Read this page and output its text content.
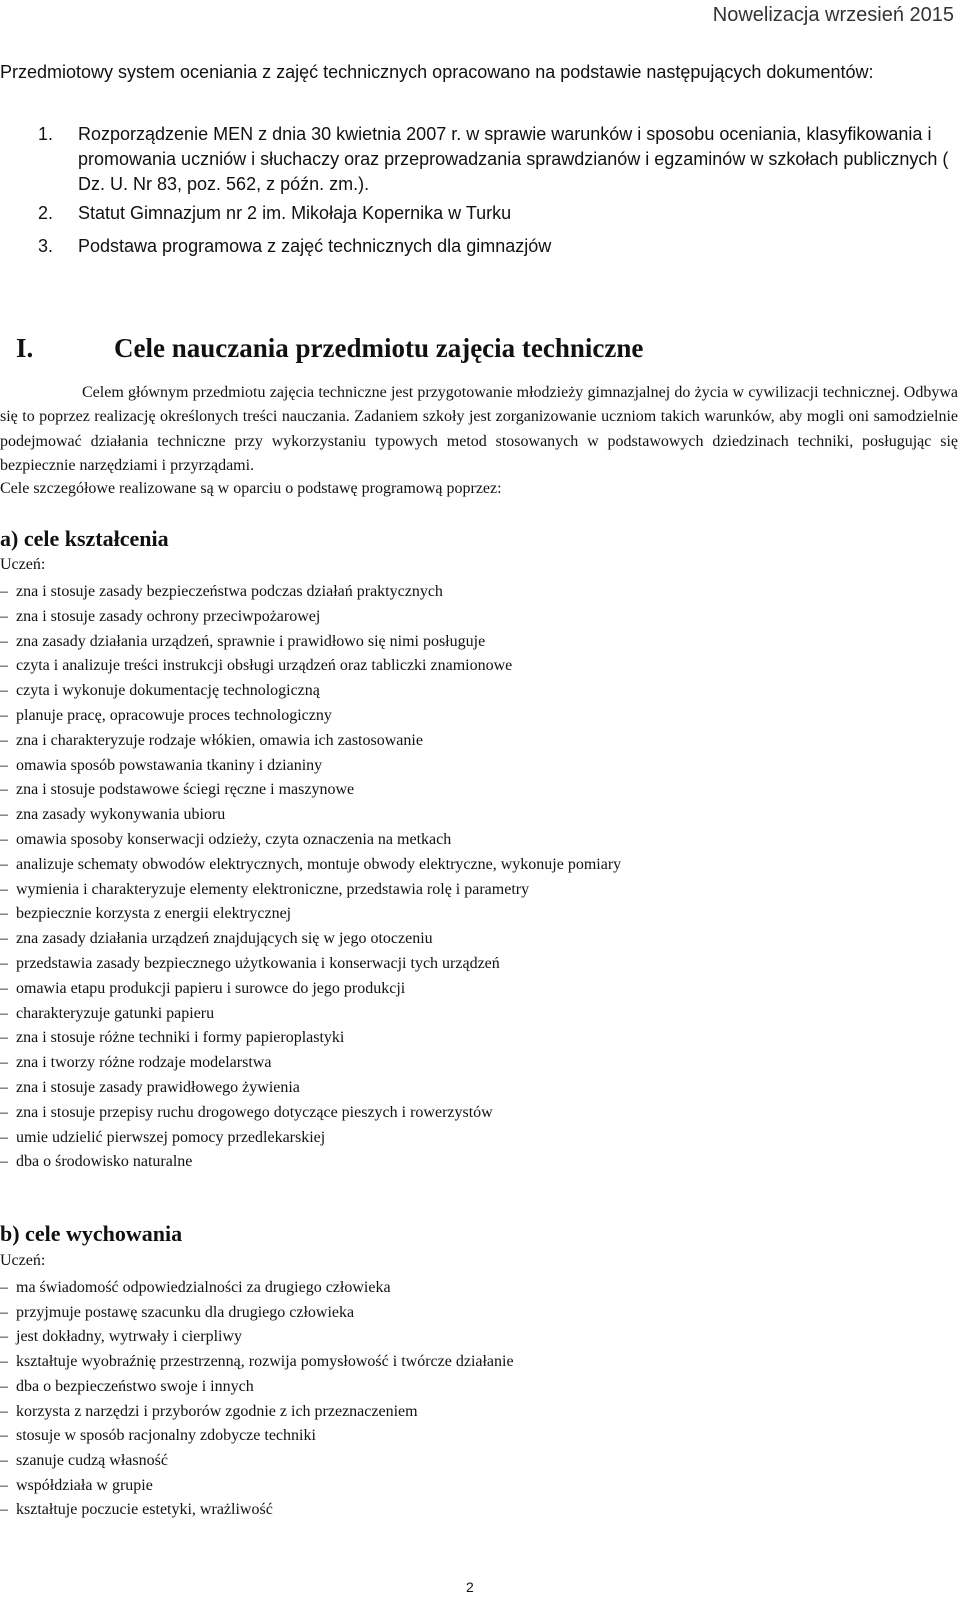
Nowelizacja wrzesień 2015
Przedmiotowy system oceniania z zajęć technicznych opracowano na podstawie następujących dokumentów:
1. Rozporządzenie MEN z dnia 30 kwietnia 2007 r. w sprawie warunków i sposobu oceniania, klasyfikowania i promowania uczniów i słuchaczy oraz przeprowadzania sprawdzianów i egzaminów w szkołach publicznych ( Dz. U. Nr 83, poz. 562, z późn. zm.).
2. Statut Gimnazjum nr 2 im. Mikołaja Kopernika w Turku
3. Podstawa programowa z zajęć technicznych dla gimnazjów
I.	Cele nauczania przedmiotu zajęcia techniczne
Celem głównym przedmiotu zajęcia techniczne jest przygotowanie młodzieży gimnazjalnej do życia w cywilizacji technicznej. Odbywa się to poprzez realizację określonych treści nauczania. Zadaniem szkoły jest zorganizowanie uczniom takich warunków, aby mogli oni samodzielnie podejmować działania techniczne przy wykorzystaniu typowych metod stosowanych w podstawowych dziedzinach techniki, posługując się bezpiecznie narzędziami i przyrządami.
Cele szczegółowe realizowane są w oparciu o podstawę programową poprzez:
a) cele kształcenia
Uczeń:
– zna i stosuje zasady bezpieczeństwa podczas działań praktycznych
– zna i stosuje zasady ochrony przeciwpożarowej
– zna zasady działania urządzeń, sprawnie i prawidłowo się nimi posługuje
– czyta i analizuje treści instrukcji obsługi urządzeń oraz tabliczki znamionowe
– czyta i wykonuje dokumentację technologiczną
– planuje pracę, opracowuje proces technologiczny
– zna i charakteryzuje rodzaje włókien, omawia ich zastosowanie
– omawia sposób powstawania tkaniny i dzianiny
– zna i stosuje podstawowe ściegi ręczne i maszynowe
– zna zasady wykonywania ubioru
– omawia sposoby konserwacji odzieży, czyta oznaczenia na metkach
– analizuje schematy obwodów elektrycznych, montuje obwody elektryczne, wykonuje pomiary
– wymienia i charakteryzuje elementy elektroniczne, przedstawia rolę i parametry
– bezpiecznie korzysta z energii elektrycznej
– zna zasady działania urządzeń znajdujących się w jego otoczeniu
– przedstawia zasady bezpiecznego użytkowania i konserwacji tych urządzeń
– omawia etapu produkcji papieru i surowce do jego produkcji
– charakteryzuje gatunki papieru
– zna i stosuje różne techniki i formy papieroplastyki
– zna i tworzy różne rodzaje modelarstwa
– zna i stosuje zasady prawidłowego żywienia
– zna i stosuje przepisy ruchu drogowego dotyczące pieszych i rowerzystów
– umie udzielić pierwszej pomocy przedlekarskiej
– dba o środowisko naturalne
b) cele wychowania
Uczeń:
– ma świadomość odpowiedzialności za drugiego człowieka
– przyjmuje postawę szacunku dla drugiego człowieka
– jest dokładny, wytrwały i cierpliwy
– kształtuje wyobraźnię przestrzenną, rozwija pomysłowość i twórcze działanie
– dba o bezpieczeństwo swoje i innych
– korzysta z narzędzi i przyborów zgodnie z ich przeznaczeniem
– stosuje w sposób racjonalny zdobycze techniki
– szanuje cudzą własność
– współdziała w grupie
– kształtuje poczucie estetyki, wrażliwość
2
